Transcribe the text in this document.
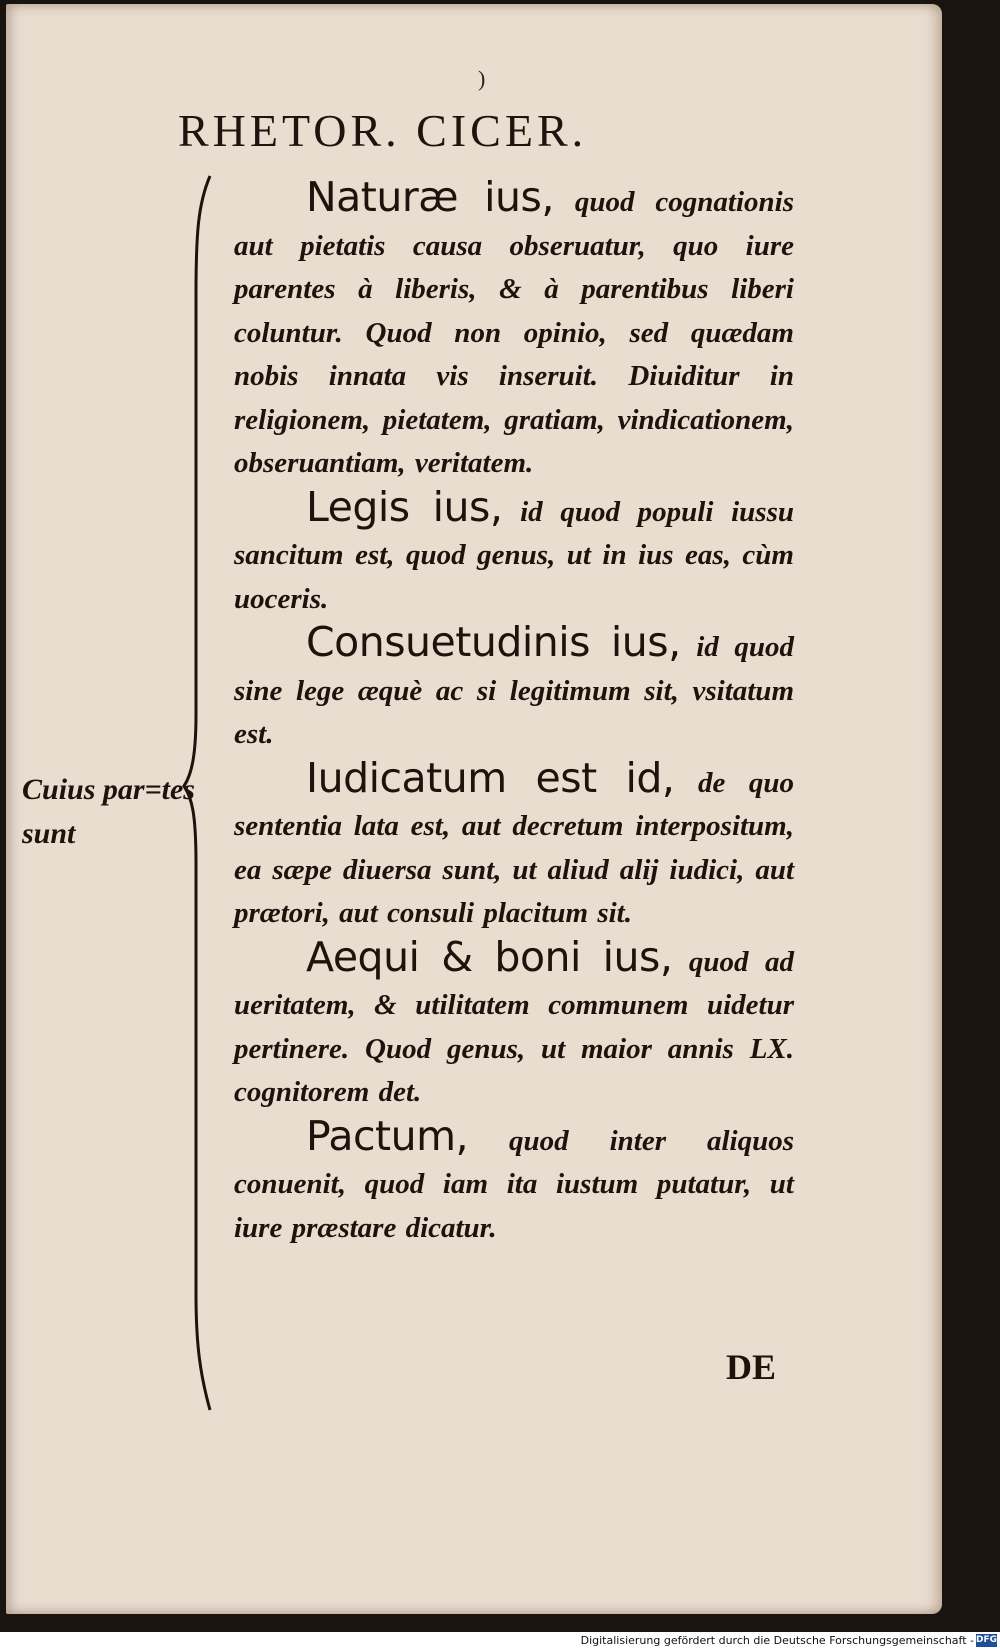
)
RHETOR. CICER.
Cuius par=tes sunt

Naturæ ius, quod cognationis aut pietatis causa obseruatur, quo iure parentes à liberis, & à parentibus liberi coluntur. Quod non opinio, sed quædam nobis innata vis inseruit. Diuiditur in religionem, pietatem, gratiam, vindicationem, obseruantiam, veritatem.

Legis ius, id quod populi iussu sancitum est, quod genus, ut in ius eas, cùm uoceris.

Consuetudinis ius, id quod sine lege æquè ac si legitimum sit, vsitatum est.

Iudicatum est id, de quo sententia lata est, aut decretum interpositum, ea sæpe diuersa sunt, ut aliud alij iudici, aut prætori, aut consuli placitum sit.

Aequi & boni ius, quod ad ueritatem, & utilitatem communem uidetur pertinere. Quod genus, ut maior annis LX. cognitorem det.

Pactum, quod inter aliquos conuenit, quod iam ita iustum putatur, ut iure præstare dicatur.

DE
Digitalisierung gefördert durch die Deutsche Forschungsgemeinschaft - DFG
